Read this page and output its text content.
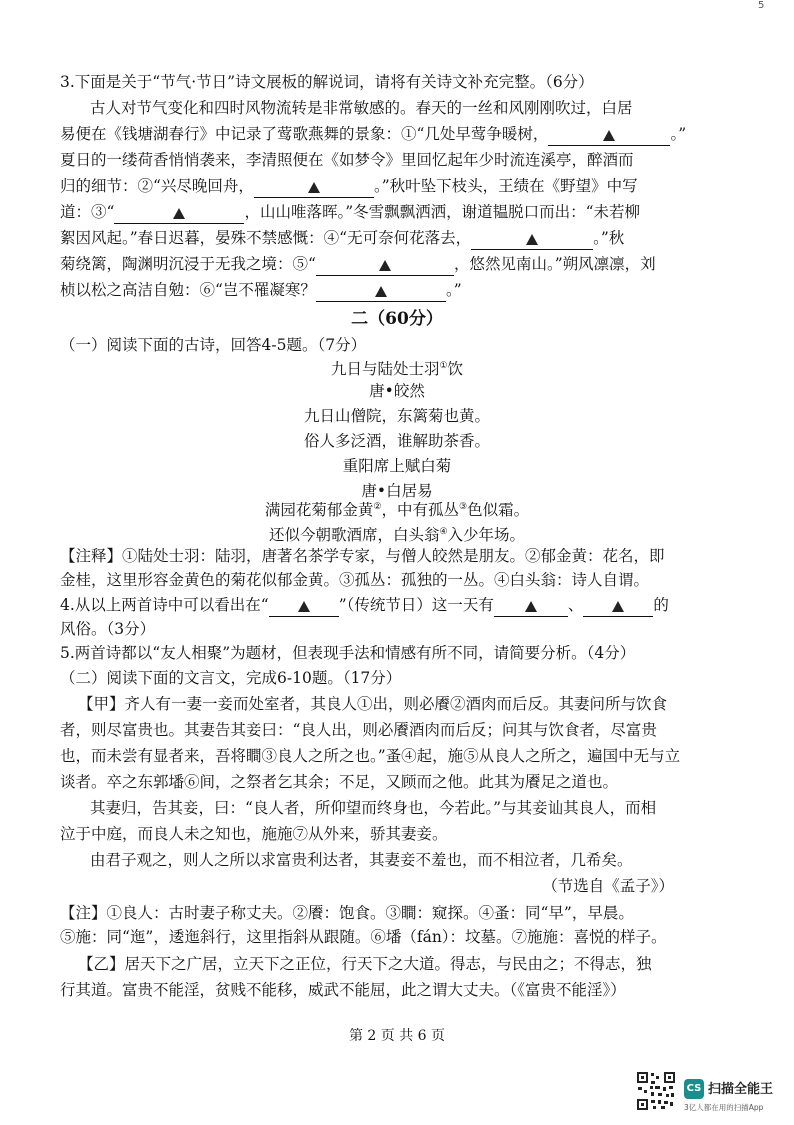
5
3.下面是关于“节气·节日”诗文展板的解说词，请将有关诗文补充完整。（6分）
古人对节气变化和四时风物流转是非常敏感的。春天的一丝和风刚刚吹过，白居
易便在《钱塘湖春行》中记录了莺歌燕舞的景象：①“几处早莺争暖树，	。”
夏日的一缕荷香悄悄袭来，李清照便在《如梦令》里回忆起年少时流连溪亭，醉酒而
归的细节：②“兴尽晚回舟，	。”秋叶坠下枝头，王绩在《野望》中写
道：③“	，山山唯落晖。”冬雪飘飘洒洒，谢道韫脱口而出：“未若柳
絮因风起。”春日迟暮，晏殊不禁感慨：④“无可奈何花落去，	。”秋
菊绕篱，陶渊明沉浸于无我之境：⑤“	，悠然见南山。”朔风凛凛，刘
桢以松之高洁自勉：⑥“岂不罹凝寒？	。”
二（60分）
（一）阅读下面的古诗，回答4-5题。（7分）
九日与陆处士羽①饮
唐•皎然
九日山僧院，东篱菊也黄。
俗人多泛酒，谁解助茶香。
重阳席上赋白菊
唐•白居易
满园花菊郁金黄②，中有孤丛③色似霜。
还似今朝歌酒席，白头翁④入少年场。
【注释】①陆处士羽：陆羽，唐著名茶学专家，与僧人皎然是朋友。②郁金黄：花名，即
金桂，这里形容金黄色的菊花似郁金黄。③孤丛：孤独的一丛。④白头翁：诗人自谓。
4.从以上两首诗中可以看出在“	”（传统节日）这一天有	、	的
风俗。（3分）
5.两首诗都以“友人相聚”为题材，但表现手法和情感有所不同，请简要分析。（4分）
（二）阅读下面的文言文，完成6-10题。（17分）
【甲】齐人有一妻一妾而处室者，其良人①出，则必餍②酒肉而后反。其妻问所与饮食
者，则尽富贵也。其妻告其妾曰：“良人出，则必餍酒肉而后反；问其与饮食者，尽富贵
也，而未尝有显者来，吾将瞷③良人之所之也。”蚤④起，施⑤从良人之所之，遍国中无与立
谈者。卒之东郭墦⑥间，之祭者乞其余；不足，又顾而之他。此其为餍足之道也。
其妻归，告其妾，曰：“良人者，所仰望而终身也，今若此。”与其妾讪其良人，而相
泣于中庭，而良人未之知也，施施⑦从外来，骄其妻妾。
由君子观之，则人之所以求富贵利达者，其妻妾不羞也，而不相泣者，几希矣。
（节选自《孟子》）
【注】①良人：古时妻子称丈夫。②餍：饱食。③瞷：窥探。④蚤：同“早”，早晨。
⑤施：同“迤”，逶迤斜行，这里指斜从跟随。⑥墦（fán）：坟墓。⑦施施：喜悦的样子。
【乙】居天下之广居，立天下之正位，行天下之大道。得志，与民由之；不得志，独
行其道。富贵不能淫，贫贱不能移，威武不能屈，此之谓大丈夫。（《富贵不能淫》）
第 2 页 共 6 页
CS 扫描全能王
3亿人都在用的扫描App
